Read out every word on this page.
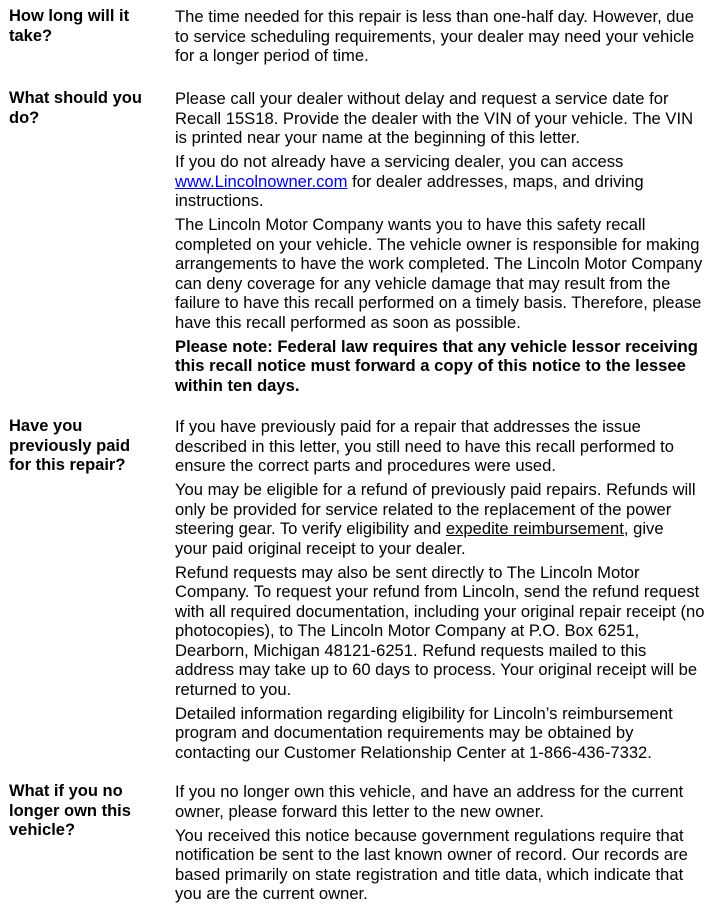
How long will it
take?
The time needed for this repair is less than one-half day. However, due
to service scheduling requirements, your dealer may need your vehicle
for a longer period of time.
What should you
do?
Please call your dealer without delay and request a service date for
Recall 15S18. Provide the dealer with the VIN of your vehicle. The VIN
is printed near your name at the beginning of this letter.
If you do not already have a servicing dealer, you can access
www.Lincolnowner.com for dealer addresses, maps, and driving
instructions.
The Lincoln Motor Company wants you to have this safety recall
completed on your vehicle. The vehicle owner is responsible for making
arrangements to have the work completed. The Lincoln Motor Company
can deny coverage for any vehicle damage that may result from the
failure to have this recall performed on a timely basis. Therefore, please
have this recall performed as soon as possible.
Please note: Federal law requires that any vehicle lessor receiving
this recall notice must forward a copy of this notice to the lessee
within ten days.
Have you
previously paid
for this repair?
If you have previously paid for a repair that addresses the issue
described in this letter, you still need to have this recall performed to
ensure the correct parts and procedures were used.
You may be eligible for a refund of previously paid repairs. Refunds will
only be provided for service related to the replacement of the power
steering gear. To verify eligibility and expedite reimbursement, give
your paid original receipt to your dealer.
Refund requests may also be sent directly to The Lincoln Motor
Company. To request your refund from Lincoln, send the refund request
with all required documentation, including your original repair receipt (no
photocopies), to The Lincoln Motor Company at P.O. Box 6251,
Dearborn, Michigan 48121-6251. Refund requests mailed to this
address may take up to 60 days to process. Your original receipt will be
returned to you.
Detailed information regarding eligibility for Lincoln’s reimbursement
program and documentation requirements may be obtained by
contacting our Customer Relationship Center at 1-866-436-7332.
What if you no
longer own this
vehicle?
If you no longer own this vehicle, and have an address for the current
owner, please forward this letter to the new owner.
You received this notice because government regulations require that
notification be sent to the last known owner of record. Our records are
based primarily on state registration and title data, which indicate that
you are the current owner.
